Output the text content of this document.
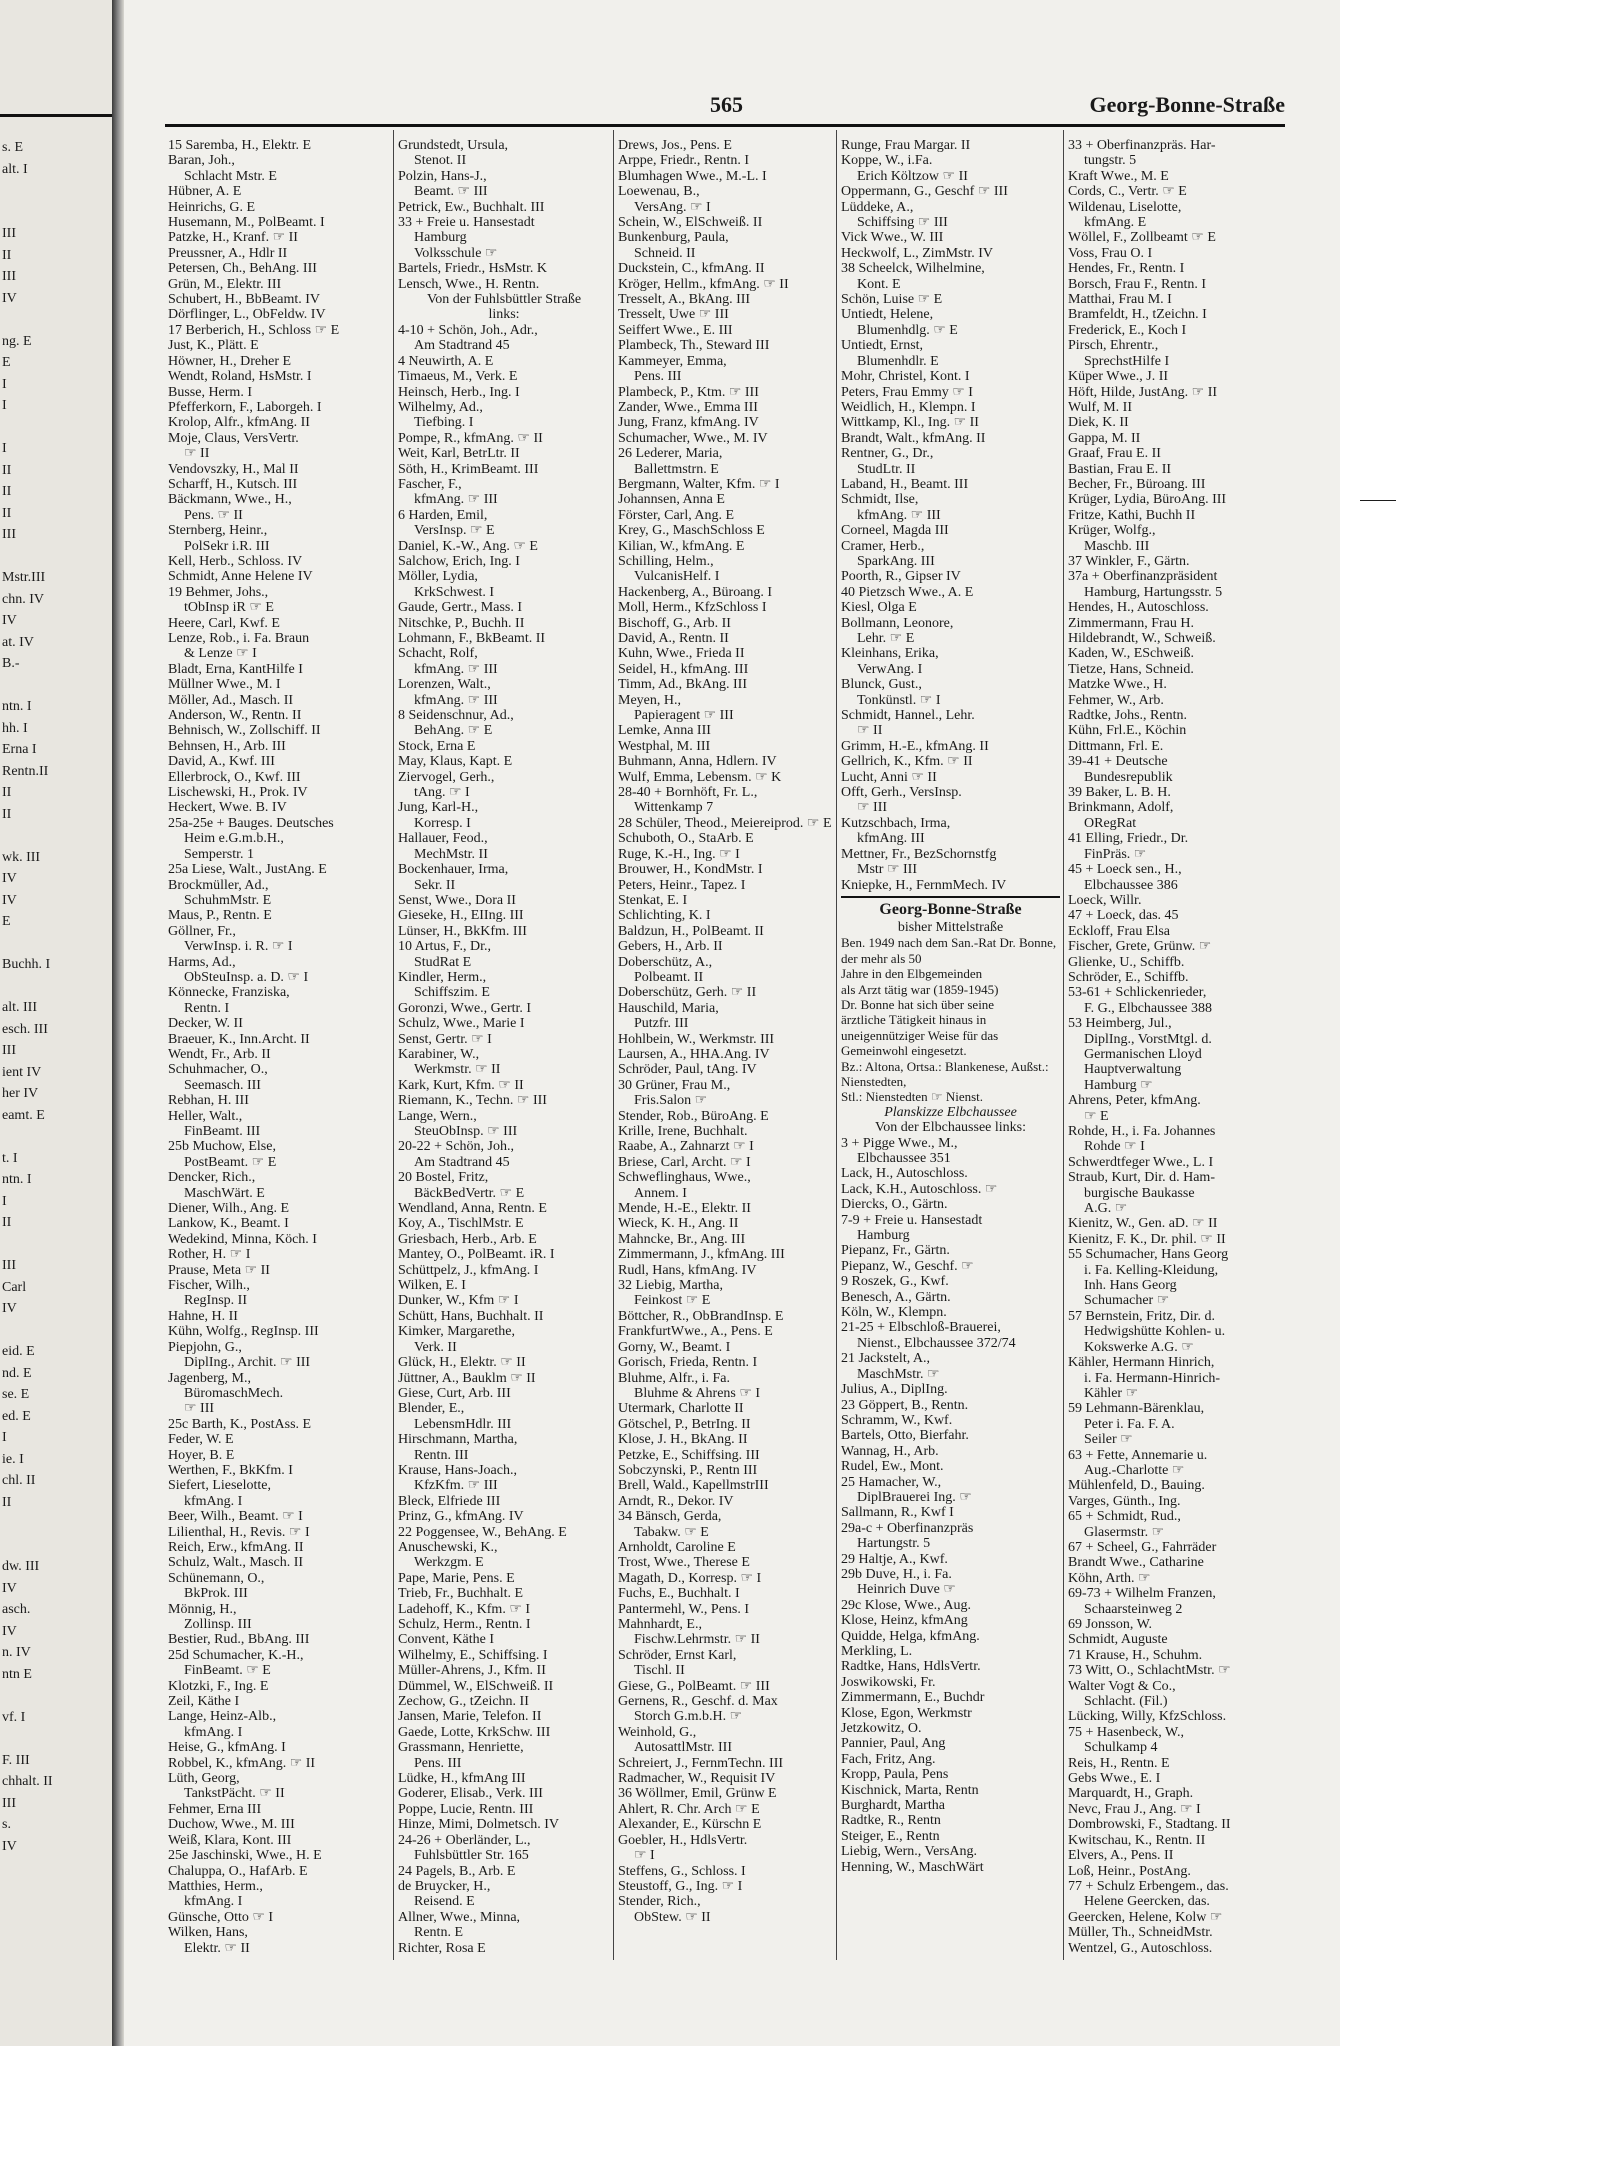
s. E
alt. I
III
II
III
IV
ng. E
E
I
I
I
II
II
II
III
Mstr.III
chn. IV
IV
at. IV
B.-
ntn. I
hh. I
Erna I
Rentn.II
II
II
wk. III
IV
IV
E
Buchh. I
alt. III
esch. III
III
ient IV
her IV
eamt. E
t. I
ntn. I
I
II
III
Carl
IV
eid. E
nd. E
se. E
ed. E
I
ie. I
chl. II
II
dw. III
IV
asch.
IV
n. IV
ntn E
vf. I
F. III
chhalt. II
III
s.
IV
565	Georg-Bonne-Straße
15 Saremba, H., Elektr. E
Baran, Joh.,
Schlacht Mstr. E
Hübner, A. E
Heinrichs, G. E
Husemann, M., PolBeamt. I
Patzke, H., Kranf. ☞ II
Preussner, A., Hdlr II
Petersen, Ch., BehAng. III
Grün, M., Elektr. III
Schubert, H., BbBeamt. IV
Dörflinger, L., ObFeldw. IV
17 Berberich, H., Schloss ☞ E
Just, K., Plätt. E
Höwner, H., Dreher E
Wendt, Roland, HsMstr. I
Busse, Herm. I
Pfefferkorn, F., Laborgeh. I
Krolop, Alfr., kfmAng. II
Moje, Claus, VersVertr.
☞ II
Vendovszky, H., Mal II
Scharff, H., Kutsch. III
Bäckmann, Wwe., H.,
Pens. ☞ II
Sternberg, Heinr.,
PolSekr i.R. III
Kell, Herb., Schloss. IV
Schmidt, Anne Helene IV
19 Behmer, Johs.,
tObInsp iR ☞ E
Heere, Carl, Kwf. E
Lenze, Rob., i. Fa. Braun
& Lenze ☞ I
Bladt, Erna, KantHilfe I
Müllner Wwe., M. I
Möller, Ad., Masch. II
Anderson, W., Rentn. II
Behnisch, W., Zollschiff. II
Behnsen, H., Arb. III
David, A., Kwf. III
Ellerbrock, O., Kwf. III
Lischewski, H., Prok. IV
Heckert, Wwe. B. IV
25a-25e + Bauges. Deutsches
Heim e.G.m.b.H.,
Semperstr. 1
25a Liese, Walt., JustAng. E
Brockmüller, Ad.,
SchuhmMstr. E
Maus, P., Rentn. E
Göllner, Fr.,
VerwInsp. i. R. ☞ I
Harms, Ad.,
ObSteuInsp. a. D. ☞ I
Könnecke, Franziska,
Rentn. I
Decker, W. II
Braeuer, K., Inn.Archt. II
Wendt, Fr., Arb. II
Schuhmacher, O.,
Seemasch. III
Rebhan, H. III
Heller, Walt.,
FinBeamt. III
25b Muchow, Else,
PostBeamt. ☞ E
Dencker, Rich.,
MaschWärt. E
Diener, Wilh., Ang. E
Lankow, K., Beamt. I
Wedekind, Minna, Köch. I
Rother, H. ☞ I
Prause, Meta ☞ II
Fischer, Wilh.,
RegInsp. II
Hahne, H. II
Kühn, Wolfg., RegInsp. III
Piepjohn, G.,
DiplIng., Archit. ☞ III
Jagenberg, M.,
BüromaschMech.
☞ III
25c Barth, K., PostAss. E
Feder, W. E
Hoyer, B. E
Werthen, F., BkKfm. I
Siefert, Lieselotte,
kfmAng. I
Beer, Wilh., Beamt. ☞ I
Lilienthal, H., Revis. ☞ I
Reich, Erw., kfmAng. II
Schulz, Walt., Masch. II
Schünemann, O.,
BkProk. III
Mönnig, H.,
Zollinsp. III
Bestier, Rud., BbAng. III
25d Schumacher, K.-H.,
FinBeamt. ☞ E
Klotzki, F., Ing. E
Zeil, Käthe I
Lange, Heinz-Alb.,
kfmAng. I
Heise, G., kfmAng. I
Robbel, K., kfmAng. ☞ II
Lüth, Georg,
TankstPächt. ☞ II
Fehmer, Erna III
Duchow, Wwe., M. III
Weiß, Klara, Kont. III
25e Jaschinski, Wwe., H. E
Chaluppa, O., HafArb. E
Matthies, Herm.,
kfmAng. I
Günsche, Otto ☞ I
Wilken, Hans,
Elektr. ☞ II
Grundstedt, Ursula,
Stenot. II
Polzin, Hans-J.,
Beamt. ☞ III
Petrick, Ew., Buchhalt. III
33 + Freie u. Hansestadt
Hamburg
Volksschule ☞
Bartels, Friedr., HsMstr. K
Lensch, Wwe., H. Rentn.
Von der Fuhlsbüttler Straße
links:
4-10 + Schön, Joh., Adr.,
Am Stadtrand 45
4 Neuwirth, A. E
Timaeus, M., Verk. E
Heinsch, Herb., Ing. I
Wilhelmy, Ad.,
Tiefbing. I
Pompe, R., kfmAng. ☞ II
Weit, Karl, BetrLtr. II
Söth, H., KrimBeamt. III
Fascher, F.,
kfmAng. ☞ III
6 Harden, Emil,
VersInsp. ☞ E
Daniel, K.-W., Ang. ☞ E
Salchow, Erich, Ing. I
Möller, Lydia,
KrkSchwest. I
Gaude, Gertr., Mass. I
Nitschke, P., Buchh. II
Lohmann, F., BkBeamt. II
Schacht, Rolf,
kfmAng. ☞ III
Lorenzen, Walt.,
kfmAng. ☞ III
8 Seidenschnur, Ad.,
BehAng. ☞ E
Stock, Erna E
May, Klaus, Kapt. E
Ziervogel, Gerh.,
tAng. ☞ I
Jung, Karl-H.,
Korresp. I
Hallauer, Feod.,
MechMstr. II
Bockenhauer, Irma,
Sekr. II
Senst, Wwe., Dora II
Gieseke, H., EIIng. III
Lünser, H., BkKfm. III
10 Artus, F., Dr.,
StudRat E
Kindler, Herm.,
Schiffszim. E
Goronzi, Wwe., Gertr. I
Schulz, Wwe., Marie I
Senst, Gertr. ☞ I
Karabiner, W.,
Werkmstr. ☞ II
Kark, Kurt, Kfm. ☞ II
Riemann, K., Techn. ☞ III
Lange, Wern.,
SteuObInsp. ☞ III
20-22 + Schön, Joh.,
Am Stadtrand 45
20 Bostel, Fritz,
BäckBedVertr. ☞ E
Wendland, Anna, Rentn. E
Koy, A., TischlMstr. E
Griesbach, Herb., Arb. E
Mantey, O., PolBeamt. iR. I
Schüttpelz, J., kfmAng. I
Wilken, E. I
Dunker, W., Kfm ☞ I
Schütt, Hans, Buchhalt. II
Kimker, Margarethe,
Verk. II
Glück, H., Elektr. ☞ II
Jüttner, A., Bauklm ☞ II
Giese, Curt, Arb. III
Blender, E.,
LebensmHdlr. III
Hirschmann, Martha,
Rentn. III
Krause, Hans-Joach.,
KfzKfm. ☞ III
Bleck, Elfriede III
Prinz, G., kfmAng. IV
22 Poggensee, W., BehAng. E
Anuschewski, K.,
Werkzgm. E
Pape, Marie, Pens. E
Trieb, Fr., Buchhalt. E
Ladehoff, K., Kfm. ☞ I
Schulz, Herm., Rentn. I
Convent, Käthe I
Wilhelmy, E., Schiffsing. I
Müller-Ahrens, J., Kfm. II
Dümmel, W., ElSchweiß. II
Zechow, G., tZeichn. II
Jansen, Marie, Telefon. II
Gaede, Lotte, KrkSchw. III
Grassmann, Henriette,
Pens. III
Lüdke, H., kfmAng III
Goderer, Elisab., Verk. III
Poppe, Lucie, Rentn. III
Hinze, Mimi, Dolmetsch. IV
24-26 + Oberländer, L.,
Fuhlsbüttler Str. 165
24 Pagels, B., Arb. E
de Bruycker, H.,
Reisend. E
Allner, Wwe., Minna,
Rentn. E
Richter, Rosa E
Drews, Jos., Pens. E
Arppe, Friedr., Rentn. I
Blumhagen Wwe., M.-L. I
Loewenau, B.,
VersAng. ☞ I
Schein, W., ElSchweiß. II
Bunkenburg, Paula,
Schneid. II
Duckstein, C., kfmAng. II
Kröger, Hellm., kfmAng. ☞ II
Tresselt, A., BkAng. III
Tresselt, Uwe ☞ III
Seiffert Wwe., E. III
Plambeck, Th., Steward III
Kammeyer, Emma,
Pens. III
Plambeck, P., Ktm. ☞ III
Zander, Wwe., Emma III
Jung, Franz, kfmAng. IV
Schumacher, Wwe., M. IV
26 Lederer, Maria,
Ballettmstrn. E
Bergmann, Walter, Kfm. ☞ I
Johannsen, Anna E
Förster, Carl, Ang. E
Krey, G., MaschSchloss E
Kilian, W., kfmAng. E
Schilling, Helm.,
VulcanisHelf. I
Hackenberg, A., Büroang. I
Moll, Herm., KfzSchloss I
Bischoff, G., Arb. II
David, A., Rentn. II
Kuhn, Wwe., Frieda II
Seidel, H., kfmAng. III
Timm, Ad., BkAng. III
Meyen, H.,
Papieragent ☞ III
Lemke, Anna III
Westphal, M. III
Buhmann, Anna, Hdlern. IV
Wulf, Emma, Lebensm. ☞ K
28-40 + Bornhöft, Fr. L.,
Wittenkamp 7
28 Schüler, Theod., Meiereiprod. ☞ E
Schuboth, O., StaArb. E
Ruge, K.-H., Ing. ☞ I
Brouwer, H., KondMstr. I
Peters, Heinr., Tapez. I
Stenkat, E. I
Schlichting, K. I
Baldzun, H., PolBeamt. II
Gebers, H., Arb. II
Doberschütz, A.,
Polbeamt. II
Doberschütz, Gerh. ☞ II
Hauschild, Maria,
Putzfr. III
Hohlbein, W., Werkmstr. III
Laursen, A., HHA.Ang. IV
Schröder, Paul, tAng. IV
30 Grüner, Frau M.,
Fris.Salon ☞
Stender, Rob., BüroAng. E
Krille, Irene, Buchhalt.
Raabe, A., Zahnarzt ☞ I
Briese, Carl, Archt. ☞ I
Schweflinghaus, Wwe.,
Annem. I
Mende, H.-E., Elektr. II
Wieck, K. H., Ang. II
Mahncke, Br., Ang. III
Zimmermann, J., kfmAng. III
Rudl, Hans, kfmAng. IV
32 Liebig, Martha,
Feinkost ☞ E
Böttcher, R., ObBrandInsp. E
FrankfurtWwe., A., Pens. E
Gorny, W., Beamt. I
Gorisch, Frieda, Rentn. I
Bluhme, Alfr., i. Fa.
Bluhme & Ahrens ☞ I
Utermark, Charlotte II
Götschel, P., BetrIng. II
Klose, J. H., BkAng. II
Petzke, E., Schiffsing. III
Sobczynski, P., Rentn III
Brell, Wald., KapellmstrIII
Arndt, R., Dekor. IV
34 Bänsch, Gerda,
Tabakw. ☞ E
Arnholdt, Caroline E
Trost, Wwe., Therese E
Magath, D., Korresp. ☞ I
Fuchs, E., Buchhalt. I
Pantermehl, W., Pens. I
Mahnhardt, E.,
Fischw.Lehrmstr. ☞ II
Schröder, Ernst Karl,
Tischl. II
Giese, G., PolBeamt. ☞ III
Gernens, R., Geschf. d. Max
Storch G.m.b.H. ☞
Weinhold, G.,
AutosattlMstr. III
Schreiert, J., FernmTechn. III
Radmacher, W., Requisit IV
36 Wöllmer, Emil, Grünw E
Ahlert, R. Chr. Arch ☞ E
Alexander, E., Kürschn E
Goebler, H., HdlsVertr.
☞ I
Steffens, G., Schloss. I
Steustoff, G., Ing. ☞ I
Stender, Rich.,
ObStew. ☞ II
Runge, Frau Margar. II
Koppe, W., i.Fa.
Erich Költzow ☞ II
Oppermann, G., Geschf ☞ III
Lüddeke, A.,
Schiffsing ☞ III
Vick Wwe., W. III
Heckwolf, L., ZimMstr. IV
38 Scheelck, Wilhelmine,
Kont. E
Schön, Luise ☞ E
Untiedt, Helene,
Blumenhdlg. ☞ E
Untiedt, Ernst,
Blumenhdlr. E
Mohr, Christel, Kont. I
Peters, Frau Emmy ☞ I
Weidlich, H., Klempn. I
Wittkamp, Kl., Ing. ☞ II
Brandt, Walt., kfmAng. II
Rentner, G., Dr.,
StudLtr. II
Laband, H., Beamt. III
Schmidt, Ilse,
kfmAng. ☞ III
Corneel, Magda III
Cramer, Herb.,
SparkAng. III
Poorth, R., Gipser IV
40 Pietzsch Wwe., A. E
Kiesl, Olga E
Bollmann, Leonore,
Lehr. ☞ E
Kleinhans, Erika,
VerwAng. I
Blunck, Gust.,
Tonkünstl. ☞ I
Schmidt, Hannel., Lehr.
☞ II
Grimm, H.-E., kfmAng. II
Gellrich, K., Kfm. ☞ II
Lucht, Anni ☞ II
Offt, Gerh., VersInsp.
☞ III
Kutzschbach, Irma,
kfmAng. III
Mettner, Fr., BezSchornstfg
Mstr ☞ III
Kniepke, H., FernmMech. IV
Georg-Bonne-Straße
bisher Mittelstraße
Ben. 1949 nach dem San.-Rat Dr. Bonne, der mehr als 50
Jahre in den Elbgemeinden
als Arzt tätig war (1859-1945)
Dr. Bonne hat sich über seine
ärztliche Tätigkeit hinaus in
uneigennütziger Weise für das
Gemeinwohl eingesetzt.
Bz.: Altona, Ortsa.: Blankenese, Außst.: Nienstedten,
Stl.: Nienstedten ☞ Nienst.
Planskizze Elbchaussee
Von der Elbchaussee links:
3 + Pigge Wwe., M.,
Elbchaussee 351
Lack, H., Autoschloss.
Lack, K.H., Autoschloss. ☞
Diercks, O., Gärtn.
7-9 + Freie u. Hansestadt
Hamburg
Piepanz, Fr., Gärtn.
Piepanz, W., Geschf. ☞
9 Roszek, G., Kwf.
Benesch, A., Gärtn.
Köln, W., Klempn.
21-25 + Elbschloß-Brauerei,
Nienst., Elbchaussee 372/74
21 Jackstelt, A.,
MaschMstr. ☞
Julius, A., DiplIng.
23 Göppert, B., Rentn.
Schramm, W., Kwf.
Bartels, Otto, Bierfahr.
Wannag, H., Arb.
Rudel, Ew., Mont.
25 Hamacher, W.,
DiplBrauerei Ing. ☞
Sallmann, R., Kwf I
29a-c + Oberfinanzpräs
Hartungstr. 5
29 Haltje, A., Kwf.
29b Duve, H., i. Fa.
Heinrich Duve ☞
29c Klose, Wwe., Aug.
Klose, Heinz, kfmAng
Quidde, Helga, kfmAng.
Merkling, L.
Radtke, Hans, HdlsVertr.
Joswikowski, Fr.
Zimmermann, E., Buchdr
Klose, Egon, Werkmstr
Jetzkowitz, O.
Pannier, Paul, Ang
Fach, Fritz, Ang.
Kropp, Paula, Pens
Kischnick, Marta, Rentn
Burghardt, Martha
Radtke, R., Rentn
Steiger, E., Rentn
Liebig, Wern., VersAng.
Henning, W., MaschWärt
33 + Oberfinanzpräs. Har-
tungstr. 5
Kraft Wwe., M. E
Cords, C., Vertr. ☞ E
Wildenau, Liselotte,
kfmAng. E
Wöllel, F., Zollbeamt ☞ E
Voss, Frau O. I
Hendes, Fr., Rentn. I
Borsch, Frau F., Rentn. I
Matthai, Frau M. I
Bramfeldt, H., tZeichn. I
Frederick, E., Koch I
Pirsch, Ehrentr.,
SprechstHilfe I
Küper Wwe., J. II
Höft, Hilde, JustAng. ☞ II
Wulf, M. II
Diek, K. II
Gappa, M. II
Graaf, Frau E. II
Bastian, Frau E. II
Becher, Fr., Büroang. III
Krüger, Lydia, BüroAng. III
Fritze, Kathi, Buchh II
Krüger, Wolfg.,
Maschb. III
37 Winkler, F., Gärtn.
37a + Oberfinanzpräsident
Hamburg, Hartungsstr. 5
Hendes, H., Autoschloss.
Zimmermann, Frau H.
Hildebrandt, W., Schweiß.
Kaden, W., ESchweiß.
Tietze, Hans, Schneid.
Matzke Wwe., H.
Fehmer, W., Arb.
Radtke, Johs., Rentn.
Kühn, Frl.E., Köchin
Dittmann, Frl. E.
39-41 + Deutsche
Bundesrepublik
39 Baker, L. B. H.
Brinkmann, Adolf,
ORegRat
41 Elling, Friedr., Dr.
FinPräs. ☞
45 + Loeck sen., H.,
Elbchaussee 386
Loeck, Willr.
47 + Loeck, das. 45
Eckloff, Frau Elsa
Fischer, Grete, Grünw. ☞
Glienke, U., Schiffb.
Schröder, E., Schiffb.
53-61 + Schlickenrieder,
F. G., Elbchaussee 388
53 Heimberg, Jul.,
DiplIng., VorstMtgl. d.
Germanischen Lloyd
Hauptverwaltung
Hamburg ☞
Ahrens, Peter, kfmAng.
☞ E
Rohde, H., i. Fa. Johannes
Rohde ☞ I
Schwerdtfeger Wwe., L. I
Straub, Kurt, Dir. d. Ham-
burgische Baukasse
A.G. ☞
Kienitz, W., Gen. aD. ☞ II
Kienitz, F. K., Dr. phil. ☞ II
55 Schumacher, Hans Georg
i. Fa. Kelling-Kleidung,
Inh. Hans Georg
Schumacher ☞
57 Bernstein, Fritz, Dir. d.
Hedwigshütte Kohlen- u.
Kokswerke A.G. ☞
Kähler, Hermann Hinrich,
i. Fa. Hermann-Hinrich-
Kähler ☞
59 Lehmann-Bärenklau,
Peter i. Fa. F. A.
Seiler ☞
63 + Fette, Annemarie u.
Aug.-Charlotte ☞
Mühlenfeld, D., Bauing.
Varges, Günth., Ing.
65 + Schmidt, Rud.,
Glasermstr. ☞
67 + Scheel, G., Fahrräder
Brandt Wwe., Catharine
Köhn, Arth. ☞
69-73 + Wilhelm Franzen,
Schaarsteinweg 2
69 Jonsson, W.
Schmidt, Auguste
71 Krause, H., Schuhm.
73 Witt, O., SchlachtMstr. ☞
Walter Vogt & Co.,
Schlacht. (Fil.)
Lücking, Willy, KfzSchloss.
75 + Hasenbeck, W.,
Schulkamp 4
Reis, H., Rentn. E
Gebs Wwe., E. I
Marquardt, H., Graph.
Nevc, Frau J., Ang. ☞ I
Dombrowski, F., Stadtang. II
Kwitschau, K., Rentn. II
Elvers, A., Pens. II
Loß, Heinr., PostAng.
77 + Schulz Erbengem., das.
Helene Geercken, das.
Geercken, Helene, Kolw ☞
Müller, Th., SchneidMstr.
Wentzel, G., Autoschloss.
